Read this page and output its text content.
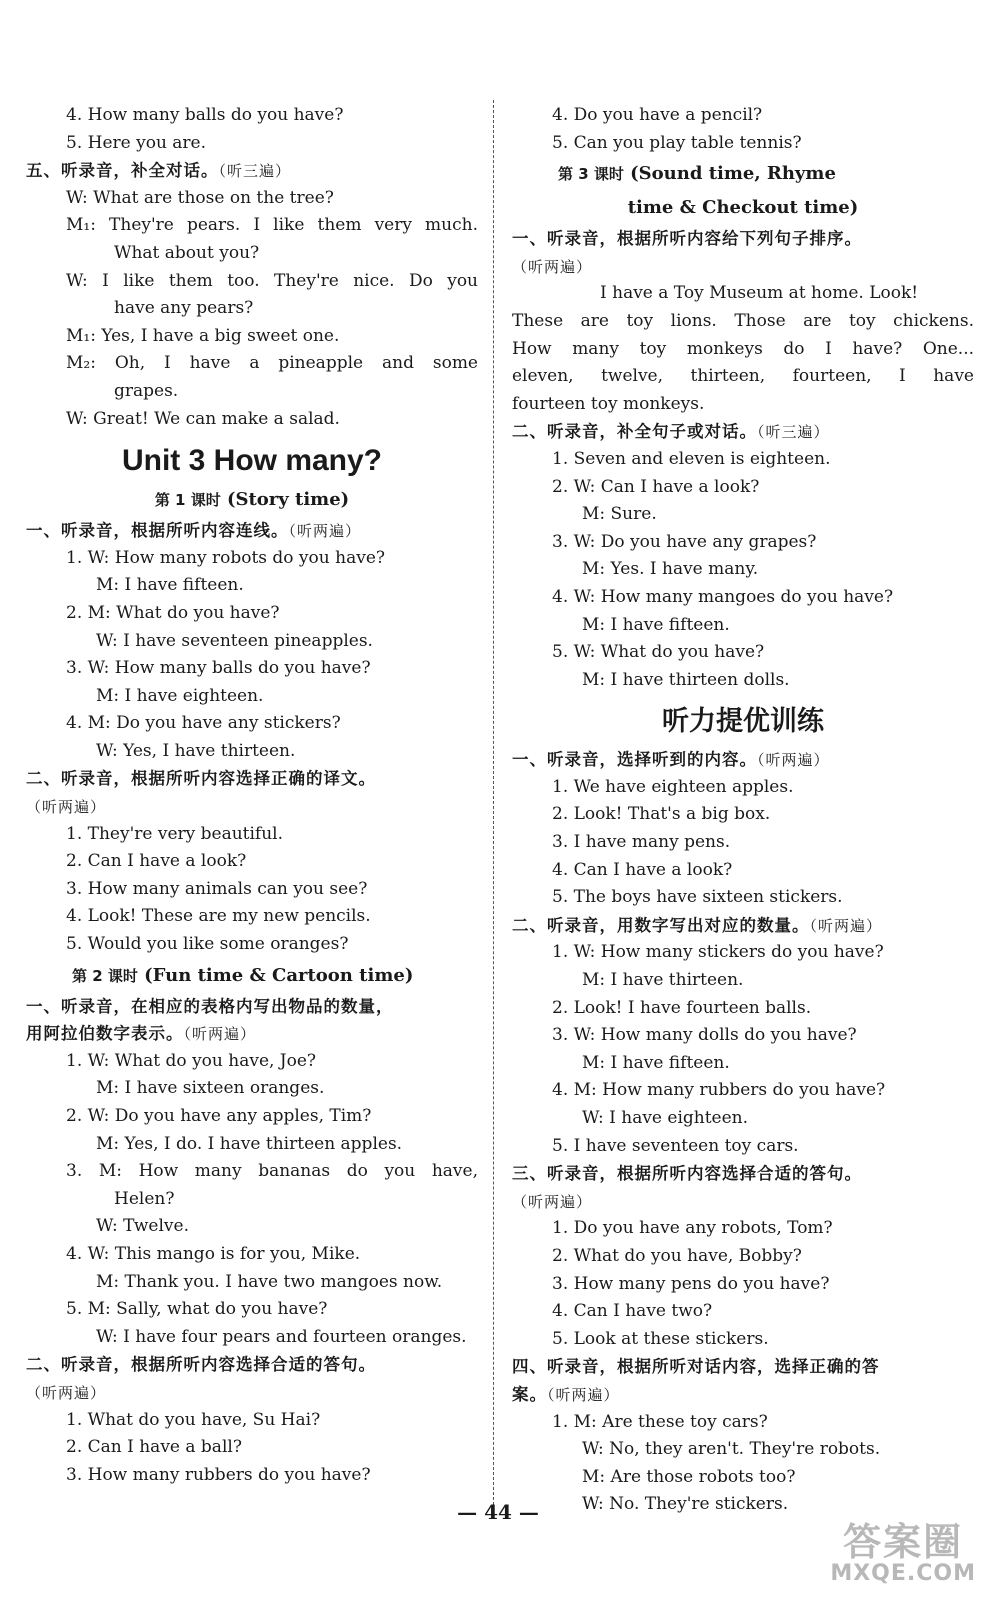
4. How many balls do you have?
5. Here you are.
五、听录音，补全对话。（听三遍）
W: What are those on the tree?
M₁: They're pears. I like them very much.
What about you?
W: I like them too. They're nice. Do you
have any pears?
M₁: Yes, I have a big sweet one.
M₂: Oh, I have a pineapple and some
grapes.
W: Great! We can make a salad.
Unit 3 How many?
第 1 课时 (Story time)
一、听录音，根据所听内容连线。（听两遍）
1. W: How many robots do you have?
M: I have fifteen.
2. M: What do you have?
W: I have seventeen pineapples.
3. W: How many balls do you have?
M: I have eighteen.
4. M: Do you have any stickers?
W: Yes, I have thirteen.
二、听录音，根据所听内容选择正确的译文。
（听两遍）
1. They're very beautiful.
2. Can I have a look?
3. How many animals can you see?
4. Look! These are my new pencils.
5. Would you like some oranges?
第 2 课时 (Fun time & Cartoon time)
一、听录音，在相应的表格内写出物品的数量，
用阿拉伯数字表示。（听两遍）
1. W: What do you have, Joe?
M: I have sixteen oranges.
2. W: Do you have any apples, Tim?
M: Yes, I do. I have thirteen apples.
3. M: How many bananas do you have,
Helen?
W: Twelve.
4. W: This mango is for you, Mike.
M: Thank you. I have two mangoes now.
5. M: Sally, what do you have?
W: I have four pears and fourteen oranges.
二、听录音，根据所听内容选择合适的答句。
（听两遍）
1. What do you have, Su Hai?
2. Can I have a ball?
3. How many rubbers do you have?
4. Do you have a pencil?
5. Can you play table tennis?
第 3 课时 (Sound time, Rhyme
time & Checkout time)
一、听录音，根据所听内容给下列句子排序。
（听两遍）
I have a Toy Museum at home. Look!
These are toy lions. Those are toy chickens.
How many toy monkeys do I have? One...
eleven, twelve, thirteen, fourteen, I have
fourteen toy monkeys.
二、听录音，补全句子或对话。（听三遍）
1. Seven and eleven is eighteen.
2. W: Can I have a look?
M: Sure.
3. W: Do you have any grapes?
M: Yes. I have many.
4. W: How many mangoes do you have?
M: I have fifteen.
5. W: What do you have?
M: I have thirteen dolls.
听力提优训练
一、听录音，选择听到的内容。（听两遍）
1. We have eighteen apples.
2. Look! That's a big box.
3. I have many pens.
4. Can I have a look?
5. The boys have sixteen stickers.
二、听录音，用数字写出对应的数量。（听两遍）
1. W: How many stickers do you have?
M: I have thirteen.
2. Look! I have fourteen balls.
3. W: How many dolls do you have?
M: I have fifteen.
4. M: How many rubbers do you have?
W: I have eighteen.
5. I have seventeen toy cars.
三、听录音，根据所听内容选择合适的答句。
（听两遍）
1. Do you have any robots, Tom?
2. What do you have, Bobby?
3. How many pens do you have?
4. Can I have two?
5. Look at these stickers.
四、听录音，根据所听对话内容，选择正确的答
案。（听两遍）
1. M: Are these toy cars?
W: No, they aren't. They're robots.
M: Are those robots too?
W: No. They're stickers.
— 44 —
答案圈
MXQE.COM
